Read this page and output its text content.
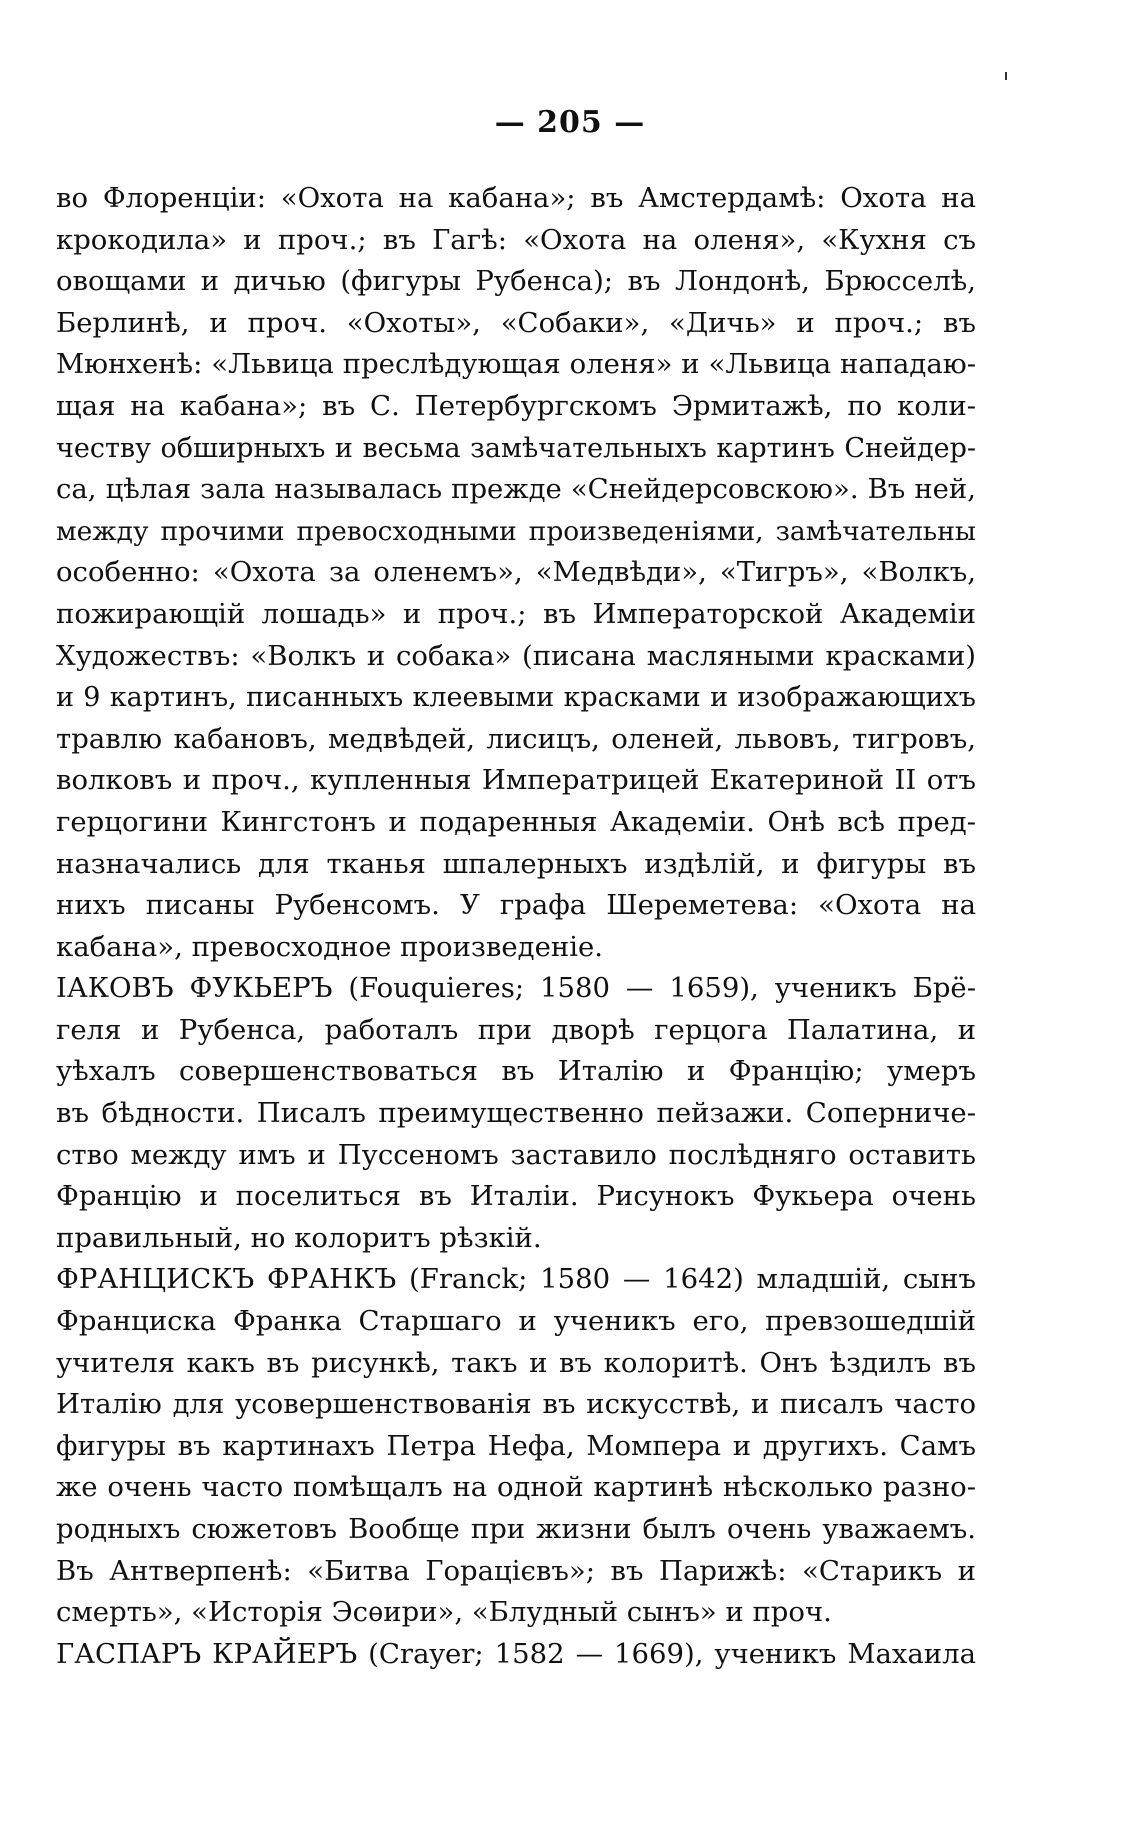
— 205 —
во Флоренціи: «Охота на кабана»; въ Амстердамѣ: Охота на
крокодила» и проч.; въ Гагѣ: «Охота на оленя», «Кухня съ
овощами и дичью (фигуры Рубенса); въ Лондонѣ, Брюсселѣ,
Берлинѣ, и проч. «Охоты», «Собаки», «Дичь» и проч.; въ
Мюнхенѣ: «Львица преслѣдующая оленя» и «Львица нападаю-
щая на кабана»; въ С. Петербургскомъ Эрмитажѣ, по коли-
честву обширныхъ и весьма замѣчательныхъ картинъ Снейдер-
са, цѣлая зала называлась прежде «Снейдерсовскою». Въ ней,
между прочими превосходными произведеніями, замѣчательны
особенно: «Охота за оленемъ», «Медвѣди», «Тигръ», «Волкъ,
пожирающій лошадь» и проч.; въ Императорской Академіи
Художествъ: «Волкъ и собака» (писана масляными красками)
и 9 картинъ, писанныхъ клеевыми красками и изображающихъ
травлю кабановъ, медвѣдей, лисицъ, оленей, львовъ, тигровъ,
волковъ и проч., купленныя Императрицей Екатериной II отъ
герцогини Кингстонъ и подаренныя Академіи. Онѣ всѣ пред-
назначались для тканья шпалерныхъ издѣлій, и фигуры въ
нихъ писаны Рубенсомъ. У графа Шереметева: «Охота на
кабана», превосходное произведеніе.
ІАКОВЪ ФУКЬЕРЪ (Fouquieres; 1580 — 1659), ученикъ Брё-
геля и Рубенса, работалъ при дворѣ герцога Палатина, и
уѣхалъ совершенствоваться въ Италію и Францію; умеръ
въ бѣдности. Писалъ преимущественно пейзажи. Соперниче-
ство между имъ и Пуссеномъ заставило послѣдняго оставить
Францію и поселиться въ Италіи. Рисунокъ Фукьера очень
правильный, но колоритъ рѣзкій.
ФРАНЦИСКЪ ФРАНКЪ (Franck; 1580 — 1642) младшій, сынъ
Франциска Франка Старшаго и ученикъ его, превзошедшій
учителя какъ въ рисункѣ, такъ и въ колоритѣ. Онъ ѣздилъ въ
Италію для усовершенствованія въ искусствѣ, и писалъ часто
фигуры въ картинахъ Петра Нефа, Момпера и другихъ. Самъ
же очень часто помѣщалъ на одной картинѣ нѣсколько разно-
родныхъ сюжетовъ Вообще при жизни былъ очень уважаемъ.
Въ Антверпенѣ: «Битва Горацієвъ»; въ Парижѣ: «Старикъ и
смерть», «Исторія Эсѳири», «Блудный сынъ» и проч.
ГАСПАРЪ КРАЙЕРЪ (Crayer; 1582 — 1669), ученикъ Махаила
